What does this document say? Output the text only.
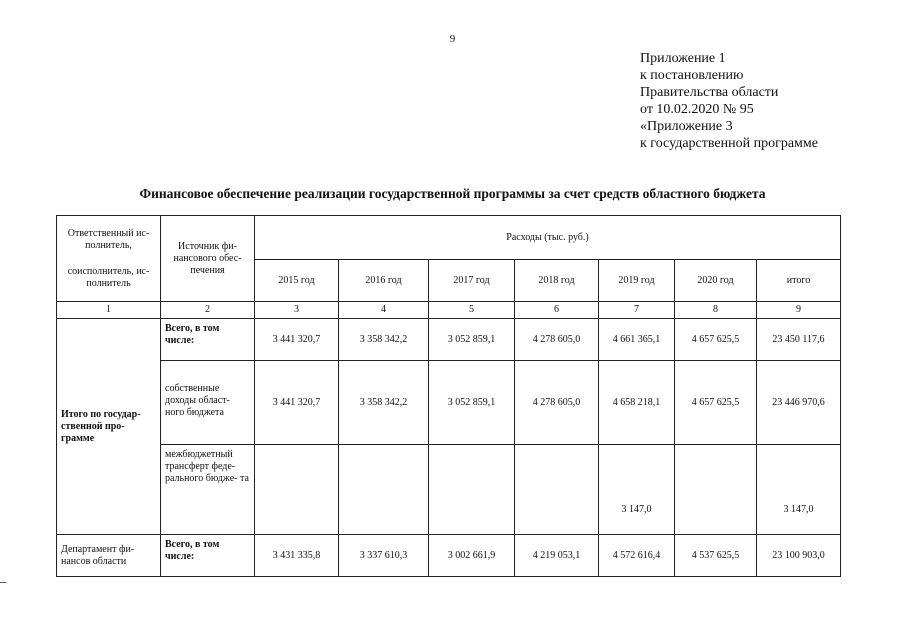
9
Приложение 1
к постановлению
Правительства области
от 10.02.2020 № 95
«Приложение 3
к государственной программе
Финансовое обеспечение реализации государственной программы за счет средств областного бюджета
Ответственный ис- полнитель,
соисполнитель, ис- полнитель	Источник фи- нансового обес- печения	Расходы (тыс. руб.)						
		2015 год	2016 год	2017 год	2018 год	2019 год	2020 год	итого
1	2	3	4	5	6	7	8	9
Итого по государ- ственной про- грамме	Всего, в том числе:	3 441 320,7	3 358 342,2	3 052 859,1	4 278 605,0	4 661 365,1	4 657 625,5	23 450 117,6
	собственные доходы област- ного бюджета	3 441 320,7	3 358 342,2	3 052 859,1	4 278 605,0	4 658 218,1	4 657 625,5	23 446 970,6
	межбюджетный трансферт феде- рального бюдже- та					3 147,0		3 147,0
Департамент фи- нансов области	Всего, в том числе:	3 431 335,8	3 337 610,3	3 002 661,9	4 219 053,1	4 572 616,4	4 537 625,5	23 100 903,0
